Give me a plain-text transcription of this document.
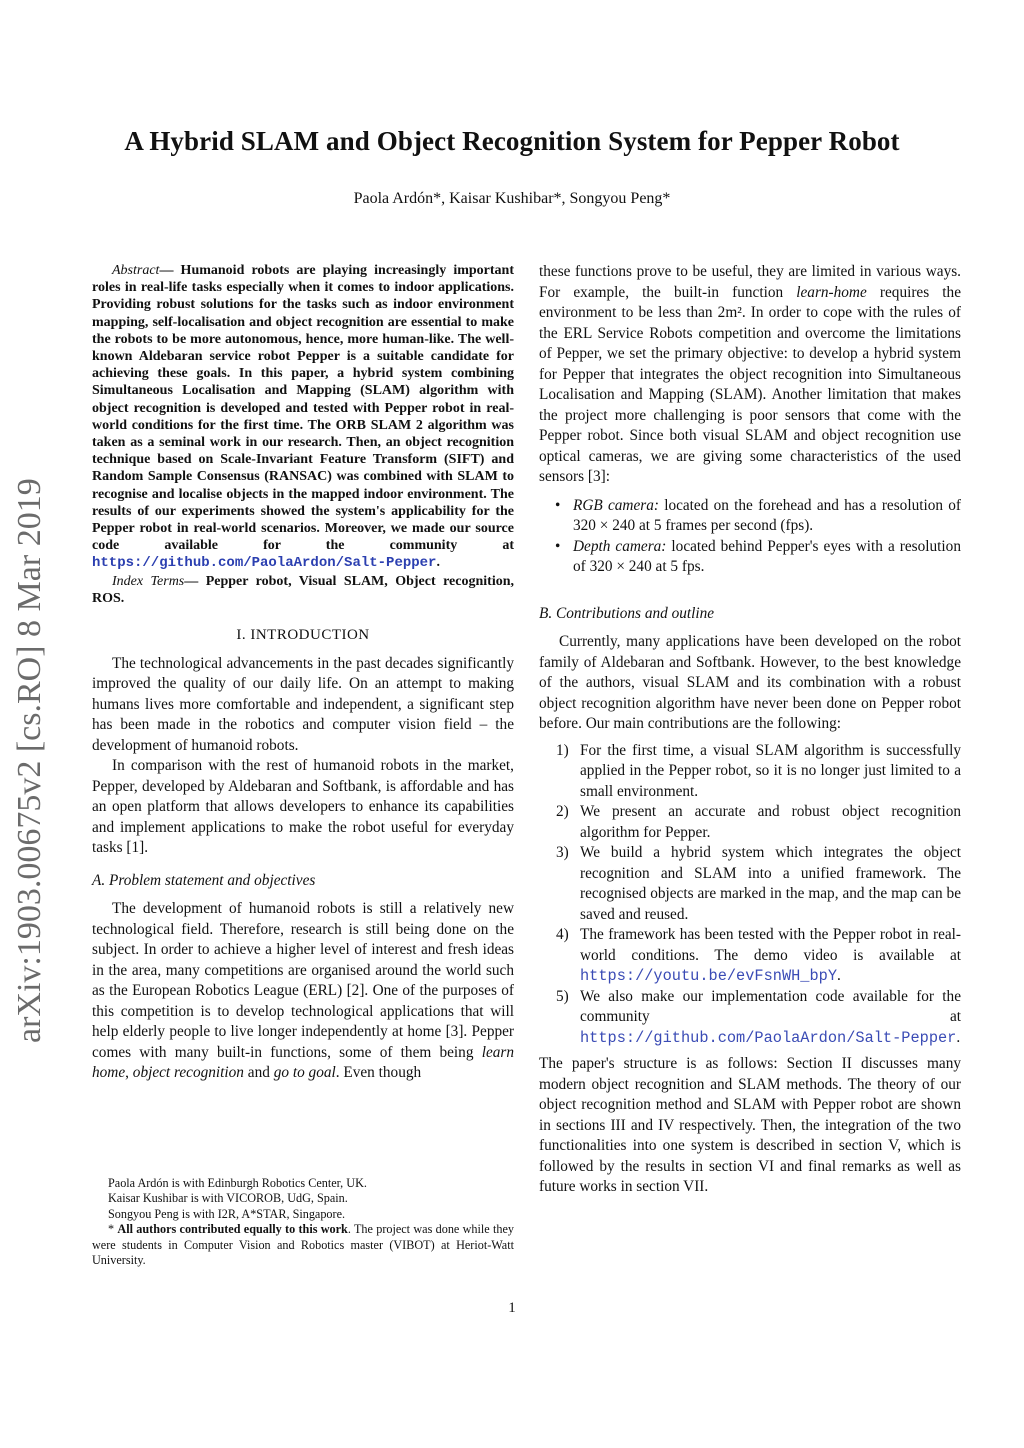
A Hybrid SLAM and Object Recognition System for Pepper Robot
Paola Ardón*, Kaisar Kushibar*, Songyou Peng*
arXiv:1903.00675v2 [cs.RO] 8 Mar 2019

Abstract— Humanoid robots are playing increasingly important roles in real-life tasks especially when it comes to indoor applications. Providing robust solutions for the tasks such as indoor environment mapping, self-localisation and object recognition are essential to make the robots to be more autonomous, hence, more human-like. The well-known Aldebaran service robot Pepper is a suitable candidate for achieving these goals. In this paper, a hybrid system combining Simultaneous Localisation and Mapping (SLAM) algorithm with object recognition is developed and tested with Pepper robot in real-world conditions for the first time. The ORB SLAM 2 algorithm was taken as a seminal work in our research. Then, an object recognition technique based on Scale-Invariant Feature Transform (SIFT) and Random Sample Consensus (RANSAC) was combined with SLAM to recognise and localise objects in the mapped indoor environment. The results of our experiments showed the system's applicability for the Pepper robot in real-world scenarios. Moreover, we made our source code available for the community at https://github.com/PaolaArdon/Salt-Pepper.

Index Terms— Pepper robot, Visual SLAM, Object recognition, ROS.

I. INTRODUCTION

The technological advancements in the past decades significantly improved the quality of our daily life. On an attempt to making humans lives more comfortable and independent, a significant step has been made in the robotics and computer vision field – the development of humanoid robots.

In comparison with the rest of humanoid robots in the market, Pepper, developed by Aldebaran and Softbank, is affordable and has an open platform that allows developers to enhance its capabilities and implement applications to make the robot useful for everyday tasks [1].

A. Problem statement and objectives

The development of humanoid robots is still a relatively new technological field. Therefore, research is still being done on the subject. In order to achieve a higher level of interest and fresh ideas in the area, many competitions are organised around the world such as the European Robotics League (ERL) [2]. One of the purposes of this competition is to develop technological applications that will help elderly people to live longer independently at home [3]. Pepper comes with many built-in functions, some of them being learn home, object recognition and go to goal. Even though

Paola Ardón is with Edinburgh Robotics Center, UK.

Kaisar Kushibar is with VICOROB, UdG, Spain.

Songyou Peng is with I2R, A*STAR, Singapore.

* All authors contributed equally to this work. The project was done while they were students in Computer Vision and Robotics master (VIBOT) at Heriot-Watt University.

these functions prove to be useful, they are limited in various ways. For example, the built-in function learn-home requires the environment to be less than 2m². In order to cope with the rules of the ERL Service Robots competition and overcome the limitations of Pepper, we set the primary objective: to develop a hybrid system for Pepper that integrates the object recognition into Simultaneous Localisation and Mapping (SLAM). Another limitation that makes the project more challenging is poor sensors that come with the Pepper robot. Since both visual SLAM and object recognition use optical cameras, we are giving some characteristics of the used sensors [3]:

• RGB camera: located on the forehead and has a resolution of 320 × 240 at 5 frames per second (fps).
• Depth camera: located behind Pepper's eyes with a resolution of 320 × 240 at 5 fps.
B. Contributions and outline

Currently, many applications have been developed on the robot family of Aldebaran and Softbank. However, to the best knowledge of the authors, visual SLAM and its combination with a robust object recognition algorithm have never been done on Pepper robot before. Our main contributions are the following:

1) For the first time, a visual SLAM algorithm is successfully applied in the Pepper robot, so it is no longer just limited to a small environment.
2) We present an accurate and robust object recognition algorithm for Pepper.
3) We build a hybrid system which integrates the object recognition and SLAM into a unified framework. The recognised objects are marked in the map, and the map can be saved and reused.
4) The framework has been tested with the Pepper robot in real-world conditions. The demo video is available at https://youtu.be/evFsnWH_bpY.
5) We also make our implementation code available for the community at https://github.com/PaolaArdon/Salt-Pepper.

The paper's structure is as follows: Section II discusses many modern object recognition and SLAM methods. The theory of our object recognition method and SLAM with Pepper robot are shown in sections III and IV respectively. Then, the integration of the two functionalities into one system is described in section V, which is followed by the results in section VI and final remarks as well as future works in section VII.

1
